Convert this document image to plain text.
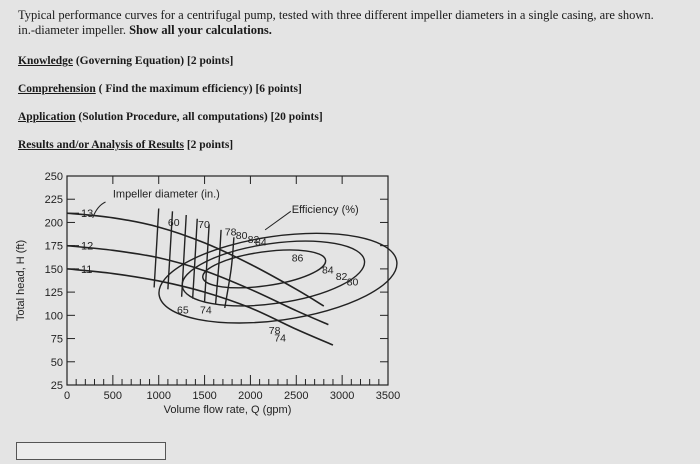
Typical performance curves for a centrifugal pump, tested with three different impeller diameters in a single casing, are shown.
in.-diameter impeller. Show all your calculations.
Knowledge (Governing Equation) [2 points]
Comprehension ( Find the maximum efficiency) [6 points]
Application (Solution Procedure, all computations) [20 points]
Results and/or Analysis of Results [2 points]
25
50
75
100
125
150
175
200
225
250
0	500 1000 1500 2000 2500 3000 3500
Volume flow rate, Q (gpm)
Total head, H (ft)
13
12
11
Impeller diameter (in.)
Efficiency (%)
60 70
78 80 82
84
86
84
82 80
65 74
78
74
